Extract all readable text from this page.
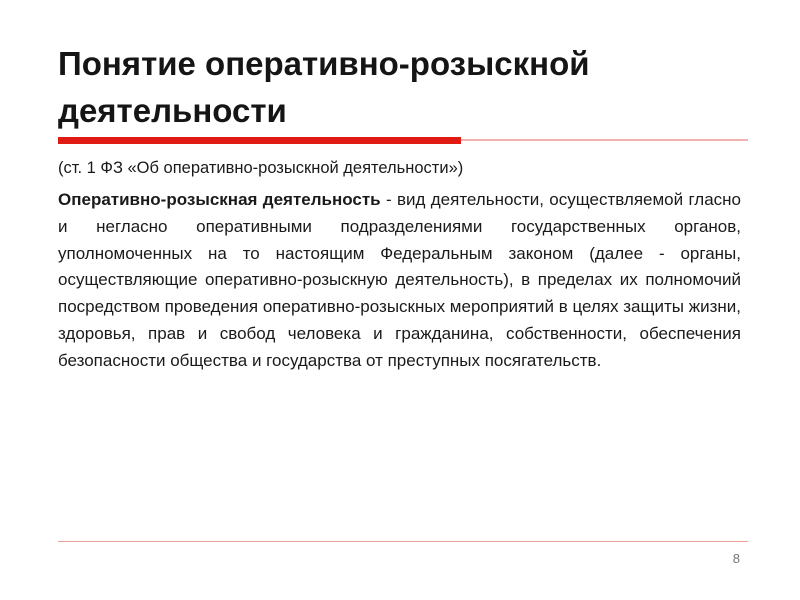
Понятие оперативно-розыскной деятельности

(ст. 1 ФЗ «Об оперативно-розыскной деятельности»)

Оперативно-розыскная деятельность - вид деятельности, осуществляемой гласно и негласно оперативными подразделениями государственных органов, уполномоченных на то настоящим Федеральным законом (далее - органы, осуществляющие оперативно-розыскную деятельность), в пределах их полномочий посредством проведения оперативно-розыскных мероприятий в целях защиты жизни, здоровья, прав и свобод человека и гражданина, собственности, обеспечения безопасности общества и государства от преступных посягательств.

8
